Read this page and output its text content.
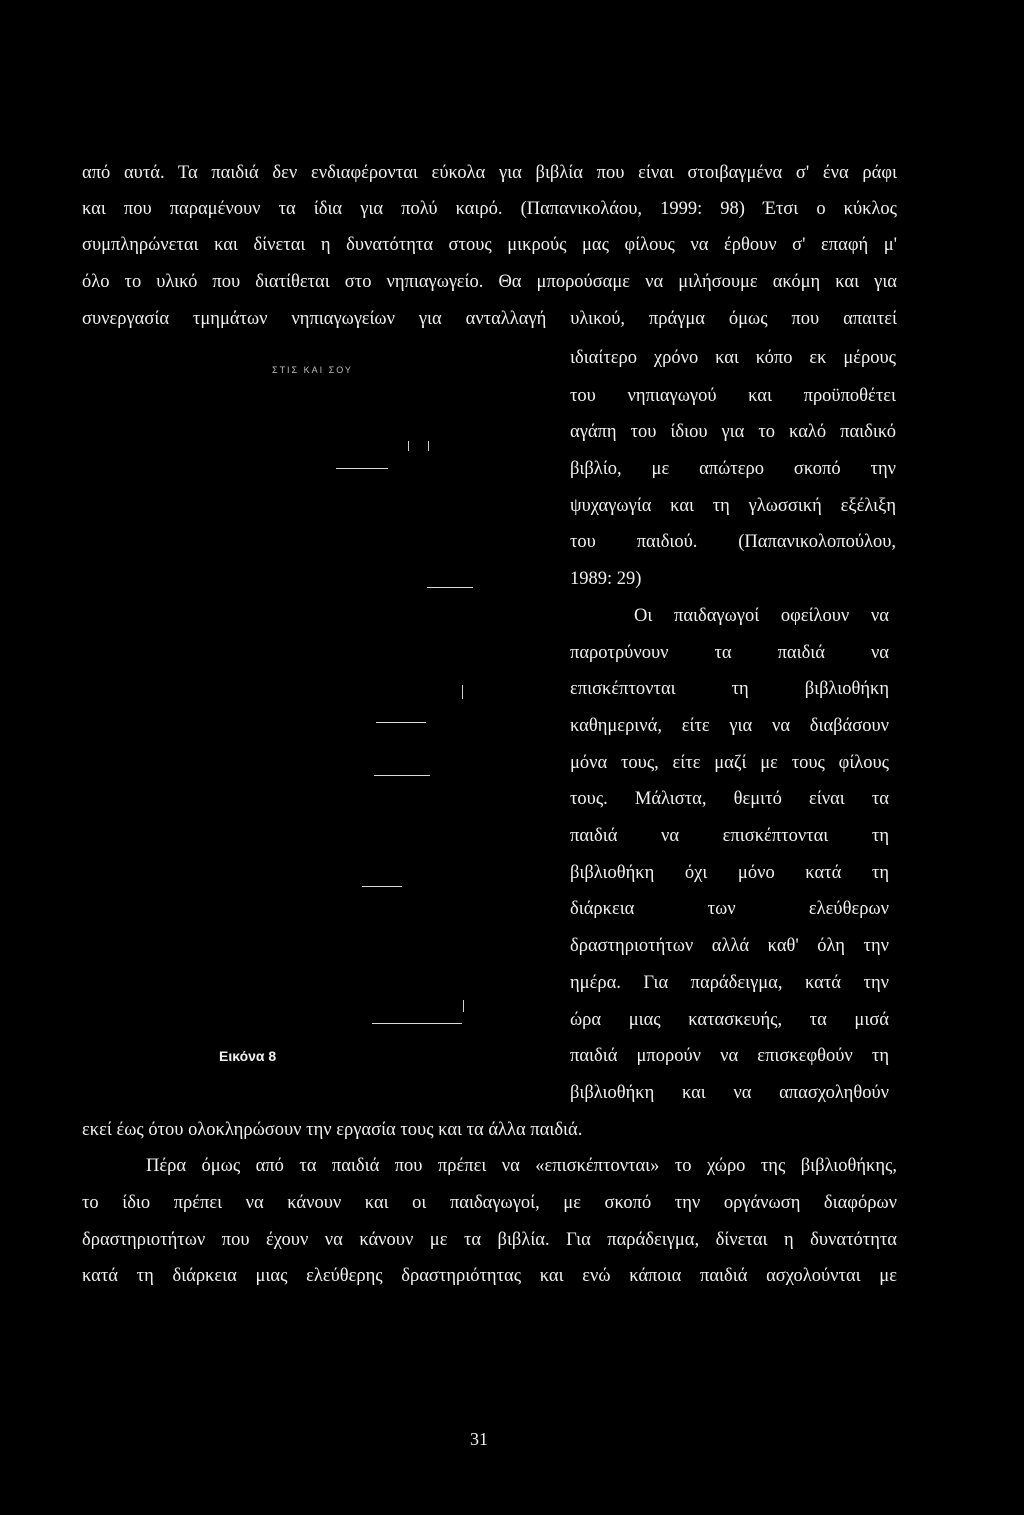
από αυτά. Τα παιδιά δεν ενδιαφέρονται εύκολα για βιβλία που είναι στοιβαγμένα σ' ένα ράφι
και που παραμένουν τα ίδια για πολύ καιρό. (Παπανικολάου, 1999: 98) Έτσι ο κύκλος
συμπληρώνεται και δίνεται η δυνατότητα στους μικρούς μας φίλους να έρθουν σ' επαφή μ'
όλο το υλικό που διατίθεται στο νηπιαγωγείο. Θα μπορούσαμε να μιλήσουμε ακόμη και για
συνεργασία τμημάτων νηπιαγωγείων για ανταλλαγή υλικού, πράγμα όμως που απαιτεί
ΣΤΙΣ ΚΑΙ ΣΟΥ
Εικόνα 8
ιδιαίτερο χρόνο και κόπο εκ μέρους
του νηπιαγωγού και προϋποθέτει
αγάπη του ίδιου για το καλό παιδικό
βιβλίο, με απώτερο σκοπό την
ψυχαγωγία και τη γλωσσική εξέλιξη
του παιδιού. (Παπανικολοπούλου,
1989: 29)
Οι παιδαγωγοί οφείλουν να
παροτρύνουν τα παιδιά να
επισκέπτονται τη βιβλιοθήκη
καθημερινά, είτε για να διαβάσουν
μόνα τους, είτε μαζί με τους φίλους
τους. Μάλιστα, θεμιτό είναι τα
παιδιά να επισκέπτονται τη
βιβλιοθήκη όχι μόνο κατά τη
διάρκεια των ελεύθερων
δραστηριοτήτων αλλά καθ' όλη την
ημέρα. Για παράδειγμα, κατά την
ώρα μιας κατασκευής, τα μισά
παιδιά μπορούν να επισκεφθούν τη
βιβλιοθήκη και να απασχοληθούν
εκεί έως ότου ολοκληρώσουν την εργασία τους και τα άλλα παιδιά.
Πέρα όμως από τα παιδιά που πρέπει να «επισκέπτονται» το χώρο της βιβλιοθήκης,
το ίδιο πρέπει να κάνουν και οι παιδαγωγοί, με σκοπό την οργάνωση διαφόρων
δραστηριοτήτων που έχουν να κάνουν με τα βιβλία. Για παράδειγμα, δίνεται η δυνατότητα
κατά τη διάρκεια μιας ελεύθερης δραστηριότητας και ενώ κάποια παιδιά ασχολούνται με
31
